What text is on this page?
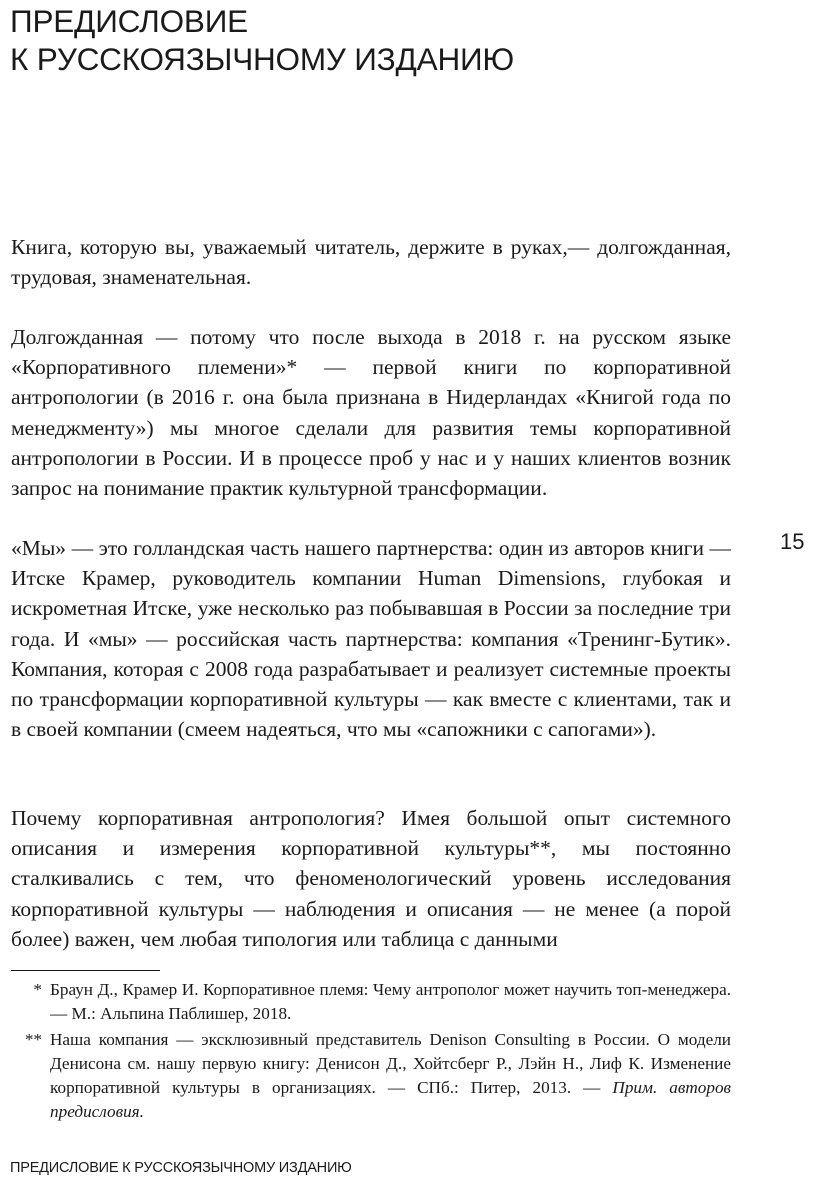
ПРЕДИСЛОВИЕ
К РУССКОЯЗЫЧНОМУ ИЗДАНИЮ

Книга, которую вы, уважаемый читатель, держите в руках,— долгожданная, трудовая, знаменательная.

Долгожданная — потому что после выхода в 2018 г. на русском языке «Корпоративного племени»* — первой книги по корпоративной антропологии (в 2016 г. она была признана в Нидерландах «Книгой года по менеджменту») мы многое сделали для развития темы корпоративной антропологии в России. И в процессе проб у нас и у наших клиентов возник запрос на понимание практик культурной трансформации.

«Мы» — это голландская часть нашего партнерства: один из авторов книги — Итске Крамер, руководитель компании Human Dimensions, глубокая и искрометная Итске, уже несколько раз побывавшая в России за последние три года. И «мы» — российская часть партнерства: компания «Тренинг-Бутик». Компания, которая с 2008 года разрабатывает и реализует системные проекты по трансформации корпоративной культуры — как вместе с клиентами, так и в своей компании (смеем надеяться, что мы «сапожники с сапогами»).

Почему корпоративная антропология? Имея большой опыт системного описания и измерения корпоративной культуры**, мы постоянно сталкивались с тем, что феноменологический уровень исследования корпоративной культуры — наблюдения и описания — не менее (а порой более) важен, чем любая типология или таблица с данными

15
* Браун Д., Крамер И. Корпоративное племя: Чему антрополог может научить топ-менеджера. — М.: Альпина Паблишер, 2018.
** Наша компания — эксклюзивный представитель Denison Consulting в России. О модели Денисона см. нашу первую книгу: Денисон Д., Хойтсберг Р., Лэйн Н., Лиф К. Изменение корпоративной культуры в организациях. — СПб.: Питер, 2013. — Прим. авторов предисловия.
ПРЕДИСЛОВИЕ К РУССКОЯЗЫЧНОМУ ИЗДАНИЮ
